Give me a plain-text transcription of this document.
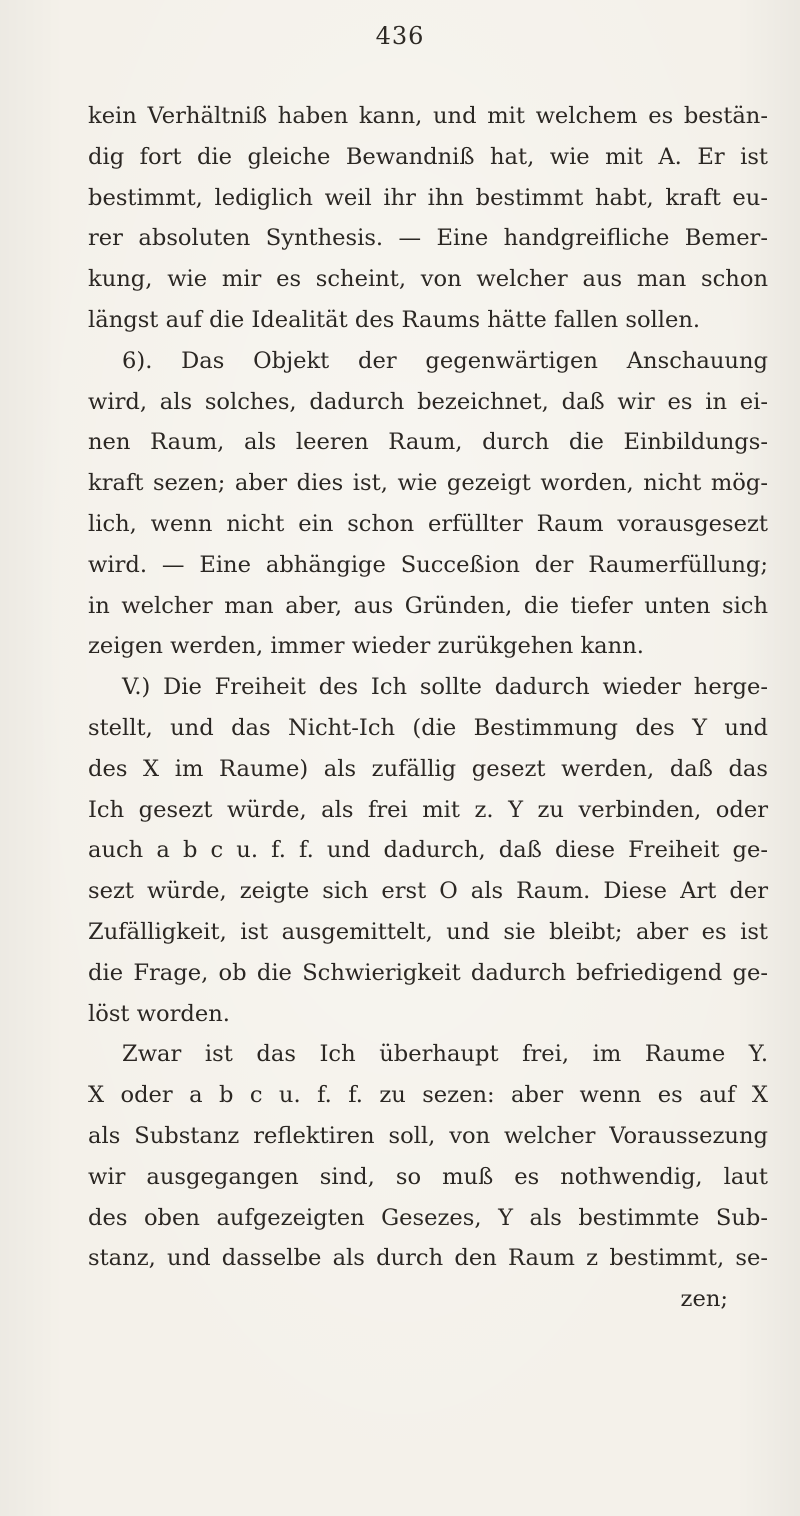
436
kein Verhältniß haben kann, und mit welchem es bestän-
dig fort die gleiche Bewandniß hat, wie mit A. Er ist
bestimmt, lediglich weil ihr ihn bestimmt habt, kraft eu-
rer absoluten Synthesis. — Eine handgreifliche Bemer-
kung, wie mir es scheint, von welcher aus man schon
längst auf die Idealität des Raums hätte fallen sollen.
6). Das Objekt der gegenwärtigen Anschauung
wird, als solches, dadurch bezeichnet, daß wir es in ei-
nen Raum, als leeren Raum, durch die Einbildungs-
kraft sezen; aber dies ist, wie gezeigt worden, nicht mög-
lich, wenn nicht ein schon erfüllter Raum vorausgesezt
wird. — Eine abhängige Succeßion der Raumerfüllung;
in welcher man aber, aus Gründen, die tiefer unten sich
zeigen werden, immer wieder zurükgehen kann.
V.) Die Freiheit des Ich sollte dadurch wieder herge-
stellt, und das Nicht-Ich (die Bestimmung des Y und
des X im Raume) als zufällig gesezt werden, daß das
Ich gesezt würde, als frei mit z. Y zu verbinden, oder
auch a b c u. f. f. und dadurch, daß diese Freiheit ge-
sezt würde, zeigte sich erst O als Raum. Diese Art der
Zufälligkeit, ist ausgemittelt, und sie bleibt; aber es ist
die Frage, ob die Schwierigkeit dadurch befriedigend ge-
löst worden.
Zwar ist das Ich überhaupt frei, im Raume Y.
X oder a b c u. f. f. zu sezen: aber wenn es auf X
als Substanz reflektiren soll, von welcher Voraussezung
wir ausgegangen sind, so muß es nothwendig, laut
des oben aufgezeigten Gesezes, Y als bestimmte Sub-
stanz, und dasselbe als durch den Raum z bestimmt, se-
zen;
